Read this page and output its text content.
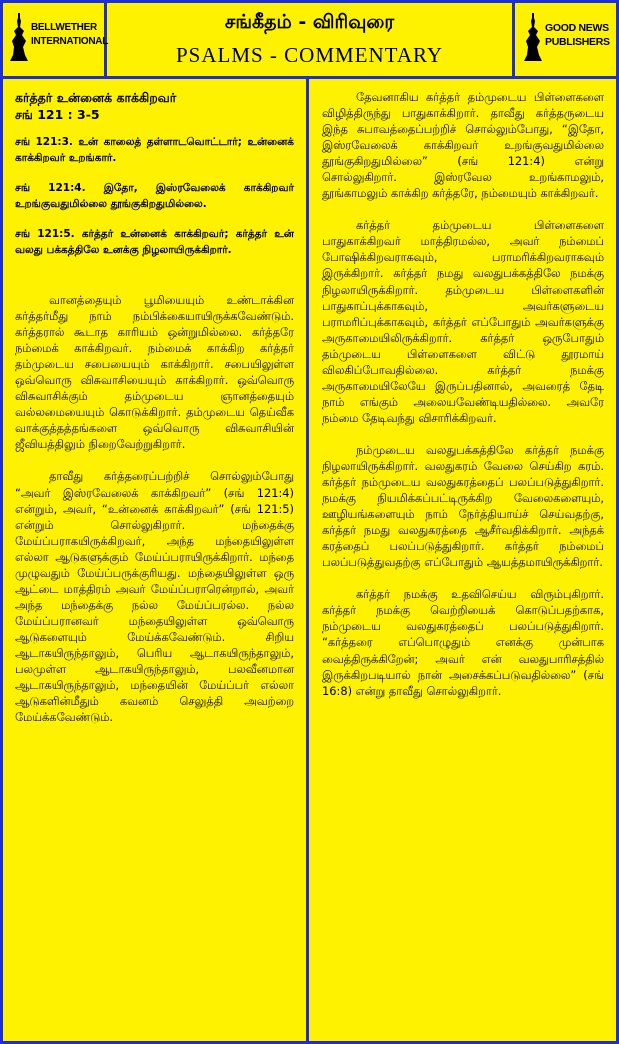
BELLWETHER
INTERNATIONAL
சங்கீதம் - விரிவுரை
PSALMS - COMMENTARY
GOOD NEWS
PUBLISHERS
கர்த்தர் உன்னைக் காக்கிறவர்
சங் 121 : 3-5
சங் 121:3. உன் காலைத் தள்ளாடவொட்டார்; உன்னைக் காக்கிறவர் உறங்கார்.
சங் 121:4. இதோ, இஸ்ரவேலைக் காக்கிறவர் உறங்குவதுமில்லை தூங்குகிறதுமில்லை.
சங் 121:5. கர்த்தர் உன்னைக் காக்கிறவர்; கர்த்தர் உன் வலது பக்கத்திலே உனக்கு நிழலாயிருக்கிறார்.

வானத்தையும் பூமியையும் உண்டாக்கின கர்த்தர்மீது நாம் நம்பிக்கையாயிருக்கவேண்டும். கர்த்தரால் கூடாத காரியம் ஒன்றுமில்லை. கர்த்தரே நம்மைக் காக்கிறவர். நம்மைக் காக்கிற கர்த்தர் தம்முடைய சபையையும் காக்கிறார். சபையிலுள்ள ஒவ்வொரு விசுவாசியையும் காக்கிறார். ஒவ்வொரு விசுவாசிக்கும் தம்முடைய ஞானத்தையும் வல்லமையையும் கொடுக்கிறார். தம்முடைய தெய்வீக வாக்குத்தத்தங்களை ஒவ்வொரு விசுவாசியின் ஜீவியத்திலும் நிறைவேற்றுகிறார்.

தாவீது கர்த்தரைப்பற்றிச் சொல்லும்போது “அவர் இஸ்ரவேலைக் காக்கிறவர்” (சங் 121:4) என்றும், அவர், “உன்னைக் காக்கிறவர்” (சங் 121:5) என்றும் சொல்லுகிறார். மந்தைக்கு மேய்ப்பராகயிருக்கிறவர், அந்த மந்தையிலுள்ள எல்லா ஆடுகளுக்கும் மேய்ப்பராயிருக்கிறார். மந்தை முழுவதும் மேய்ப்பருக்குரியது. மந்தையிலுள்ள ஒரு ஆட்டை மாத்திரம் அவர் மேய்ப்பராரென்றால், அவர் அந்த மந்தைக்கு நல்ல மேய்ப்பரல்ல. நல்ல மேய்ப்பரானவர் மந்தையிலுள்ள ஒவ்வொரு ஆடுகளையும் மேய்க்கவேண்டும். சிறிய ஆடாகயிருந்தாலும், பெரிய ஆடாகயிருந்தாலும், பலமுள்ள ஆடாகயிருந்தாலும், பலவீனமான ஆடாகயிருந்தாலும், மந்தையின் மேய்ப்பர் எல்லா ஆடுகளின்மீதும் கவனம் செலுத்தி அவற்றை மேய்க்கவேண்டும்.

தேவனாகிய கர்த்தர் தம்முடைய பிள்ளைகளை விழித்திருந்து பாதுகாக்கிறார். தாவீது கர்த்தருடைய இந்த சுபாவத்தைப்பற்றிச் சொல்லும்போது, “இதோ, இஸ்ரவேலைக் காக்கிறவர் உறங்குவதுமில்லை தூங்குகிறதுமில்லை” (சங் 121:4) என்று சொல்லுகிறார். இஸ்ரவேல உறங்காமலும், தூங்காமலும் காக்கிற கர்த்தரே, நம்மையும் காக்கிறவர்.

கர்த்தர் தம்முடைய பிள்ளைகளை பாதுகாக்கிறவர் மாத்திரமல்ல, அவர் நம்மைப் போஷிக்கிறவராகவும், பராமரிக்கிறவராகவும் இருக்கிறார். கர்த்தர் நமது வலதுபக்கத்திலே நமக்கு நிழலாயிருக்கிறார். தம்முடைய பிள்ளைகளின் பாதுகாப்புக்காகவும், அவர்களுடைய பராமரிப்புக்காகவும், கர்த்தர் எப்போதும் அவர்களுக்கு அருகாமையிலிருக்கிறார். கர்த்தர் ஒருபோதும் தம்முடைய பிள்ளைகளை விட்டு தூரமாய் விலகிப்போவதில்லை. கர்த்தர் நமக்கு அருகாமையிலேயே இருப்பதினால், அவரைத் தேடி நாம் எங்கும் அலையவேண்டியதில்லை. அவரே நம்மை தேடிவந்து விசாரிக்கிறவர்.

நம்முடைய வலதுபக்கத்திலே கர்த்தர் நமக்கு நிழலாயிருக்கிறார். வலதுகரம் வேலை செய்கிற கரம். கர்த்தர் நம்முடைய வலதுகரத்தைப் பலப்படுத்துகிறார். நமக்கு நியமிக்கப்பட்டிருக்கிற வேலைகளையும், ஊழியங்களையும் நாம் நேர்த்தியாய்ச் செய்வதற்கு, கர்த்தர் நமது வலதுகரத்தை ஆசீர்வதிக்கிறார். அந்தக் கரத்தைப் பலப்படுத்துகிறார். கர்த்தர் நம்மைப் பலப்படுத்துவதற்கு எப்போதும் ஆயத்தமாயிருக்கிறார்.

கர்த்தர் நமக்கு உதவிசெய்ய விரும்புகிறார். கர்த்தர் நமக்கு வெற்றியைக் கொடுப்பதற்காக, நம்முடைய வலதுகரத்தைப் பலப்படுத்துகிறார். “கர்த்தரை எப்பொழுதும் எனக்கு முன்பாக வைத்திருக்கிறேன்; அவர் என் வலதுபாரிசத்தில் இருக்கிறபடியால் நான் அசைக்கப்படுவதில்லை” (சங் 16:8) என்று தாவீது சொல்லுகிறார்.
